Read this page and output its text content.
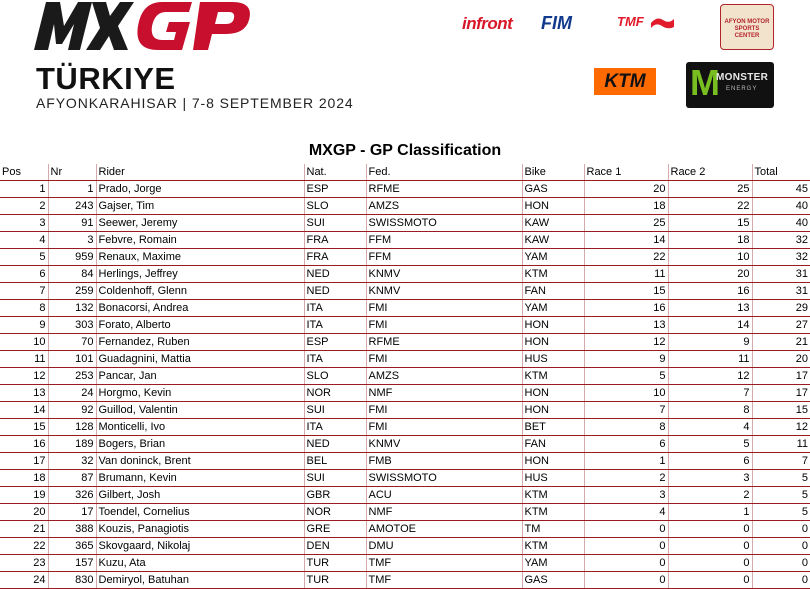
TÜRKIYE
AFYONKARAHISAR | 7-8 SEPTEMBER 2024
infront FIM	TMF	AFYON MOTOR SPORTS CENTER
KTM M
MONSTER
ENERGY
MXGP - GP Classification
Pos	Nr	Rider	Nat.	Fed.	Bike	Race 1	Race 2	Total
1	1	Prado, Jorge	ESP	RFME	GAS	20	25	45
2	243	Gajser, Tim	SLO	AMZS	HON	18	22	40
3	91	Seewer, Jeremy	SUI	SWISSMOTO	KAW	25	15	40
4	3	Febvre, Romain	FRA	FFM	KAW	14	18	32
5	959	Renaux, Maxime	FRA	FFM	YAM	22	10	32
6	84	Herlings, Jeffrey	NED	KNMV	KTM	11	20	31
7	259	Coldenhoff, Glenn	NED	KNMV	FAN	15	16	31
8	132	Bonacorsi, Andrea	ITA	FMI	YAM	16	13	29
9	303	Forato, Alberto	ITA	FMI	HON	13	14	27
10	70	Fernandez, Ruben	ESP	RFME	HON	12	9	21
11	101	Guadagnini, Mattia	ITA	FMI	HUS	9	11	20
12	253	Pancar, Jan	SLO	AMZS	KTM	5	12	17
13	24	Horgmo, Kevin	NOR	NMF	HON	10	7	17
14	92	Guillod, Valentin	SUI	FMI	HON	7	8	15
15	128	Monticelli, Ivo	ITA	FMI	BET	8	4	12
16	189	Bogers, Brian	NED	KNMV	FAN	6	5	11
17	32	Van doninck, Brent	BEL	FMB	HON	1	6	7
18	87	Brumann, Kevin	SUI	SWISSMOTO	HUS	2	3	5
19	326	Gilbert, Josh	GBR	ACU	KTM	3	2	5
20	17	Toendel, Cornelius	NOR	NMF	KTM	4	1	5
21	388	Kouzis, Panagiotis	GRE	AMOTOE	TM	0	0	0
22	365	Skovgaard, Nikolaj	DEN	DMU	KTM	0	0	0
23	157	Kuzu, Ata	TUR	TMF	YAM	0	0	0
24	830	Demiryol, Batuhan	TUR	TMF	GAS	0	0	0
